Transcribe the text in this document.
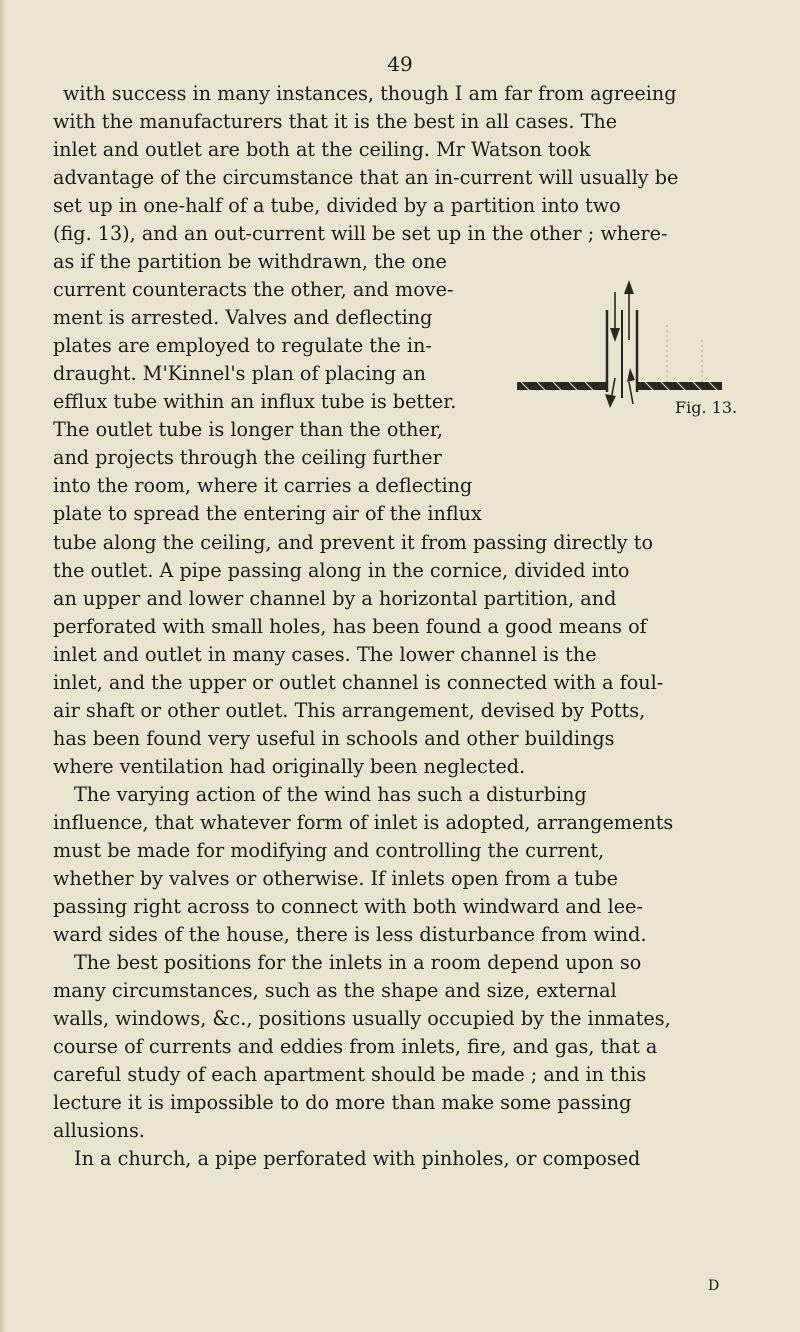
49
with success in many instances, though I am far from agreeing
with the manufacturers that it is the best in all cases. The
inlet and outlet are both at the ceiling. Mr Watson took
advantage of the circumstance that an in-current will usually be
set up in one-half of a tube, divided by a partition into two
(fig. 13), and an out-current will be set up in the other ; where-
as if the partition be withdrawn, the one
current counteracts the other, and move-
ment is arrested. Valves and deflecting
plates are employed to regulate the in-
draught. M'Kinnel's plan of placing an
efflux tube within an influx tube is better.
The outlet tube is longer than the other,
and projects through the ceiling further
into the room, where it carries a deflecting
plate to spread the entering air of the influx
tube along the ceiling, and prevent it from passing directly to
the outlet. A pipe passing along in the cornice, divided into
an upper and lower channel by a horizontal partition, and
perforated with small holes, has been found a good means of
inlet and outlet in many cases. The lower channel is the
inlet, and the upper or outlet channel is connected with a foul-
air shaft or other outlet. This arrangement, devised by Potts,
has been found very useful in schools and other buildings
where ventilation had originally been neglected.
The varying action of the wind has such a disturbing
influence, that whatever form of inlet is adopted, arrangements
must be made for modifying and controlling the current,
whether by valves or otherwise. If inlets open from a tube
passing right across to connect with both windward and lee-
ward sides of the house, there is less disturbance from wind.
The best positions for the inlets in a room depend upon so
many circumstances, such as the shape and size, external
walls, windows, &c., positions usually occupied by the inmates,
course of currents and eddies from inlets, fire, and gas, that a
careful study of each apartment should be made ; and in this
lecture it is impossible to do more than make some passing
allusions.
In a church, a pipe perforated with pinholes, or composed
Fig. 13.
D
